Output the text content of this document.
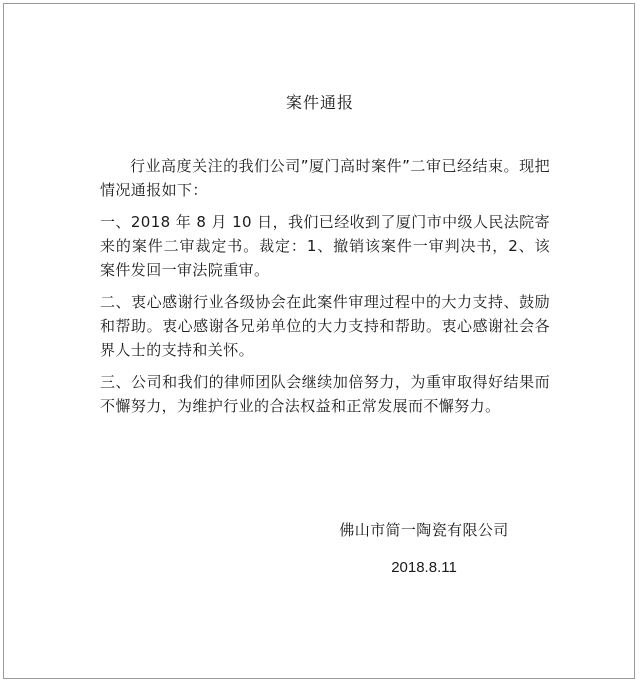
案件通报

行业高度关注的我们公司”厦门高时案件”二审已经结束。现把情况通报如下：

一、2018 年 8 月 10 日，我们已经收到了厦门市中级人民法院寄来的案件二审裁定书。裁定：1、撤销该案件一审判决书，2、该案件发回一审法院重审。

二、衷心感谢行业各级协会在此案件审理过程中的大力支持、鼓励和帮助。衷心感谢各兄弟单位的大力支持和帮助。衷心感谢社会各界人士的支持和关怀。

三、公司和我们的律师团队会继续加倍努力，为重审取得好结果而不懈努力，为维护行业的合法权益和正常发展而不懈努力。

佛山市简一陶瓷有限公司
2018.8.11
